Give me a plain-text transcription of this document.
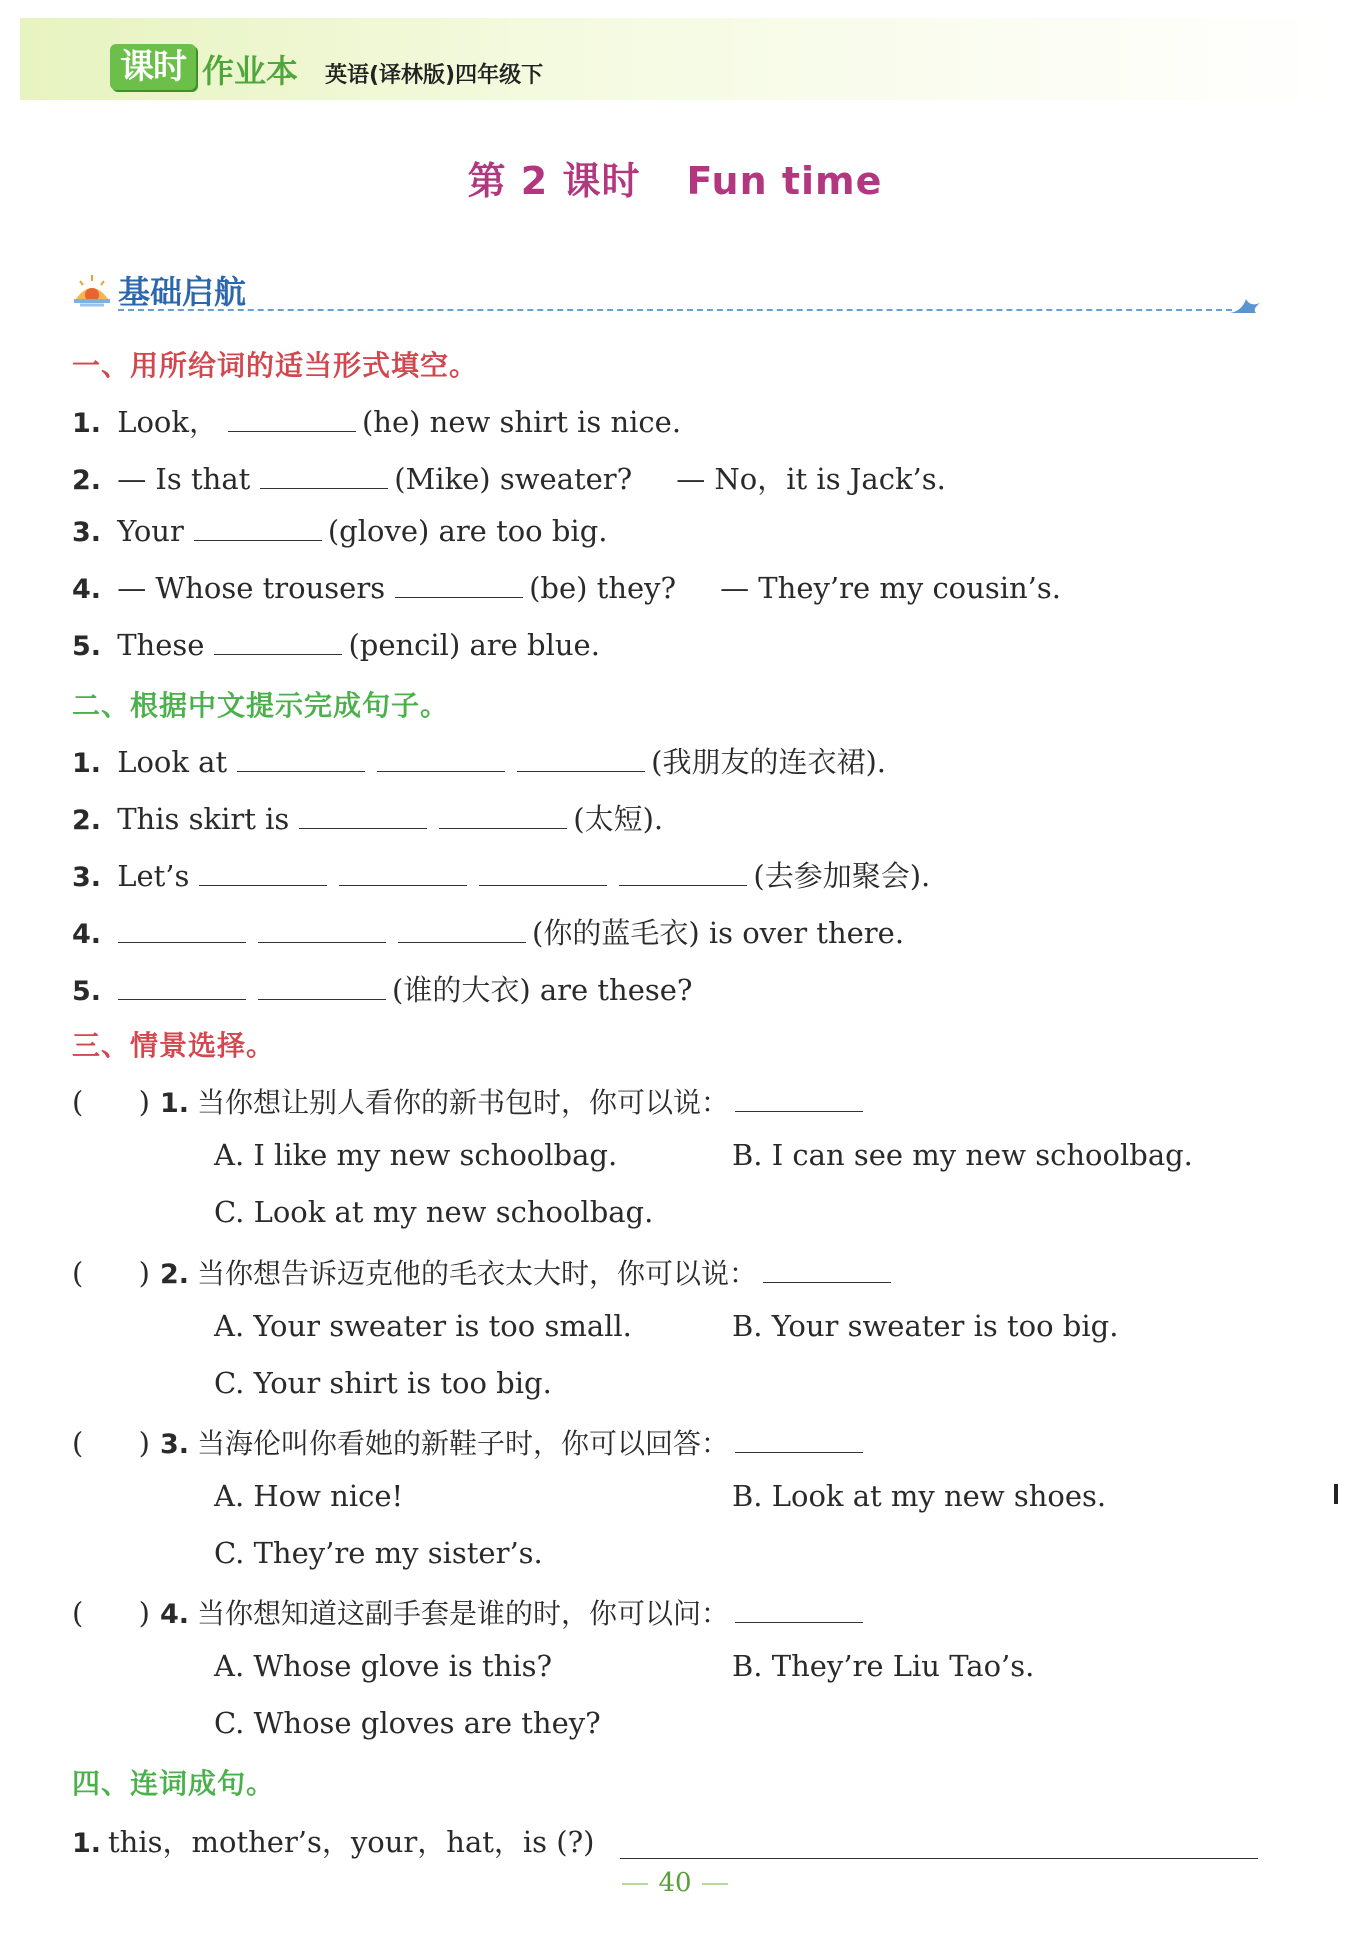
课时 作业本 英语(译林版)四年级下
第 2 课时 Fun time
基础启航
一、用所给词的适当形式填空。
1. Look，	(he) new shirt is nice.
2. — Is that	(Mike) sweater? — No，it is Jack’s.
3. Your	(glove) are too big.
4. — Whose trousers	(be) they? — They’re my cousin’s.
5. These	(pencil) are blue.
二、根据中文提示完成句子。
1. Look at	(我朋友的连衣裙).
2. This skirt is	(太短).
3. Let’s	(去参加聚会).
4.	(你的蓝毛衣) is over there.
5.	(谁的大衣) are these?
三、情景选择。
(      ) 1. 当你想让别人看你的新书包时，你可以说：
A. I like my new schoolbag.	B. I can see my new schoolbag.
C. Look at my new schoolbag.
(      ) 2. 当你想告诉迈克他的毛衣太大时，你可以说：
A. Your sweater is too small.	B. Your sweater is too big.
C. Your shirt is too big.
(      ) 3. 当海伦叫你看她的新鞋子时，你可以回答：
A. How nice!	B. Look at my new shoes.
C. They’re my sister’s.
(      ) 4. 当你想知道这副手套是谁的时，你可以问：
A. Whose glove is this?	B. They’re Liu Tao’s.
C. Whose gloves are they?
四、连词成句。
1. this，mother’s，your，hat，is (?)
40
